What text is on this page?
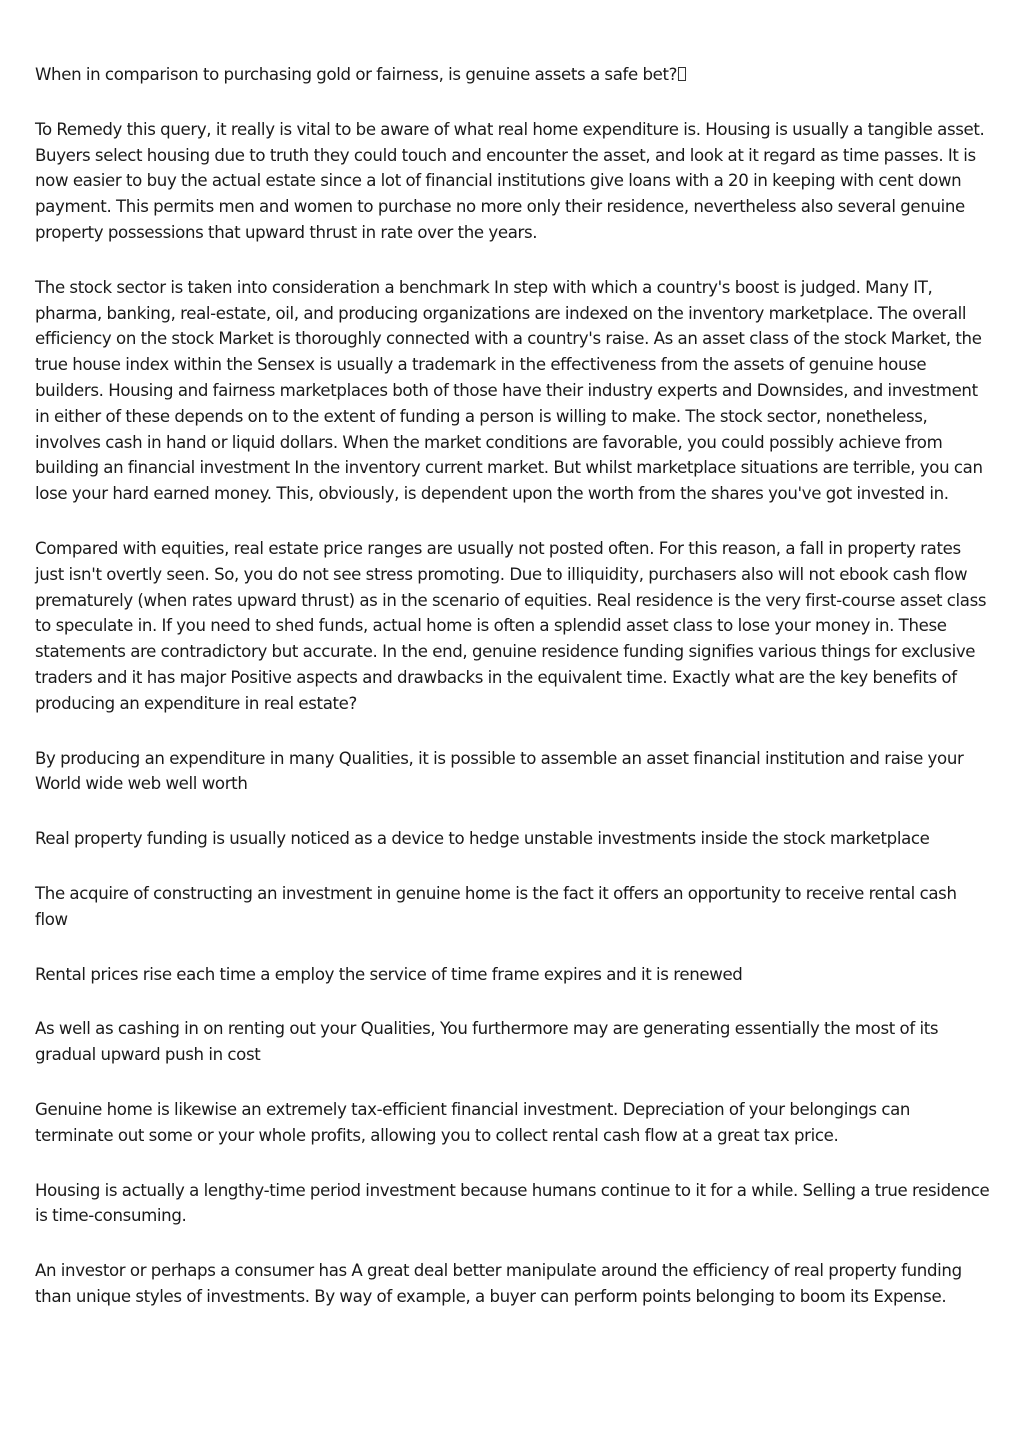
When in comparison to purchasing gold or fairness, is genuine assets a safe bet?

To Remedy this query, it really is vital to be aware of what real home expenditure is. Housing is usually a tangible asset. Buyers select housing due to truth they could touch and encounter the asset, and look at it regard as time passes. It is now easier to buy the actual estate since a lot of financial institutions give loans with a 20 in keeping with cent down payment. This permits men and women to purchase no more only their residence, nevertheless also several genuine property possessions that upward thrust in rate over the years.

The stock sector is taken into consideration a benchmark In step with which a country's boost is judged. Many IT, pharma, banking, real-estate, oil, and producing organizations are indexed on the inventory marketplace. The overall efficiency on the stock Market is thoroughly connected with a country's raise. As an asset class of the stock Market, the true house index within the Sensex is usually a trademark in the effectiveness from the assets of genuine house builders. Housing and fairness marketplaces both of those have their industry experts and Downsides, and investment in either of these depends on to the extent of funding a person is willing to make. The stock sector, nonetheless, involves cash in hand or liquid dollars. When the market conditions are favorable, you could possibly achieve from building an financial investment In the inventory current market. But whilst marketplace situations are terrible, you can lose your hard earned money. This, obviously, is dependent upon the worth from the shares you've got invested in.

Compared with equities, real estate price ranges are usually not posted often. For this reason, a fall in property rates just isn't overtly seen. So, you do not see stress promoting. Due to illiquidity, purchasers also will not ebook cash flow prematurely (when rates upward thrust) as in the scenario of equities. Real residence is the very first-course asset class to speculate in. If you need to shed funds, actual home is often a splendid asset class to lose your money in. These statements are contradictory but accurate. In the end, genuine residence funding signifies various things for exclusive traders and it has major Positive aspects and drawbacks in the equivalent time. Exactly what are the key benefits of producing an expenditure in real estate?

By producing an expenditure in many Qualities, it is possible to assemble an asset financial institution and raise your World wide web well worth

Real property funding is usually noticed as a device to hedge unstable investments inside the stock marketplace

The acquire of constructing an investment in genuine home is the fact it offers an opportunity to receive rental cash flow

Rental prices rise each time a employ the service of time frame expires and it is renewed

As well as cashing in on renting out your Qualities, You furthermore may are generating essentially the most of its gradual upward push in cost

Genuine home is likewise an extremely tax-efficient financial investment. Depreciation of your belongings can terminate out some or your whole profits, allowing you to collect rental cash flow at a great tax price.

Housing is actually a lengthy-time period investment because humans continue to it for a while. Selling a true residence is time-consuming.

An investor or perhaps a consumer has A great deal better manipulate around the efficiency of real property funding than unique styles of investments. By way of example, a buyer can perform points belonging to boom its Expense.
